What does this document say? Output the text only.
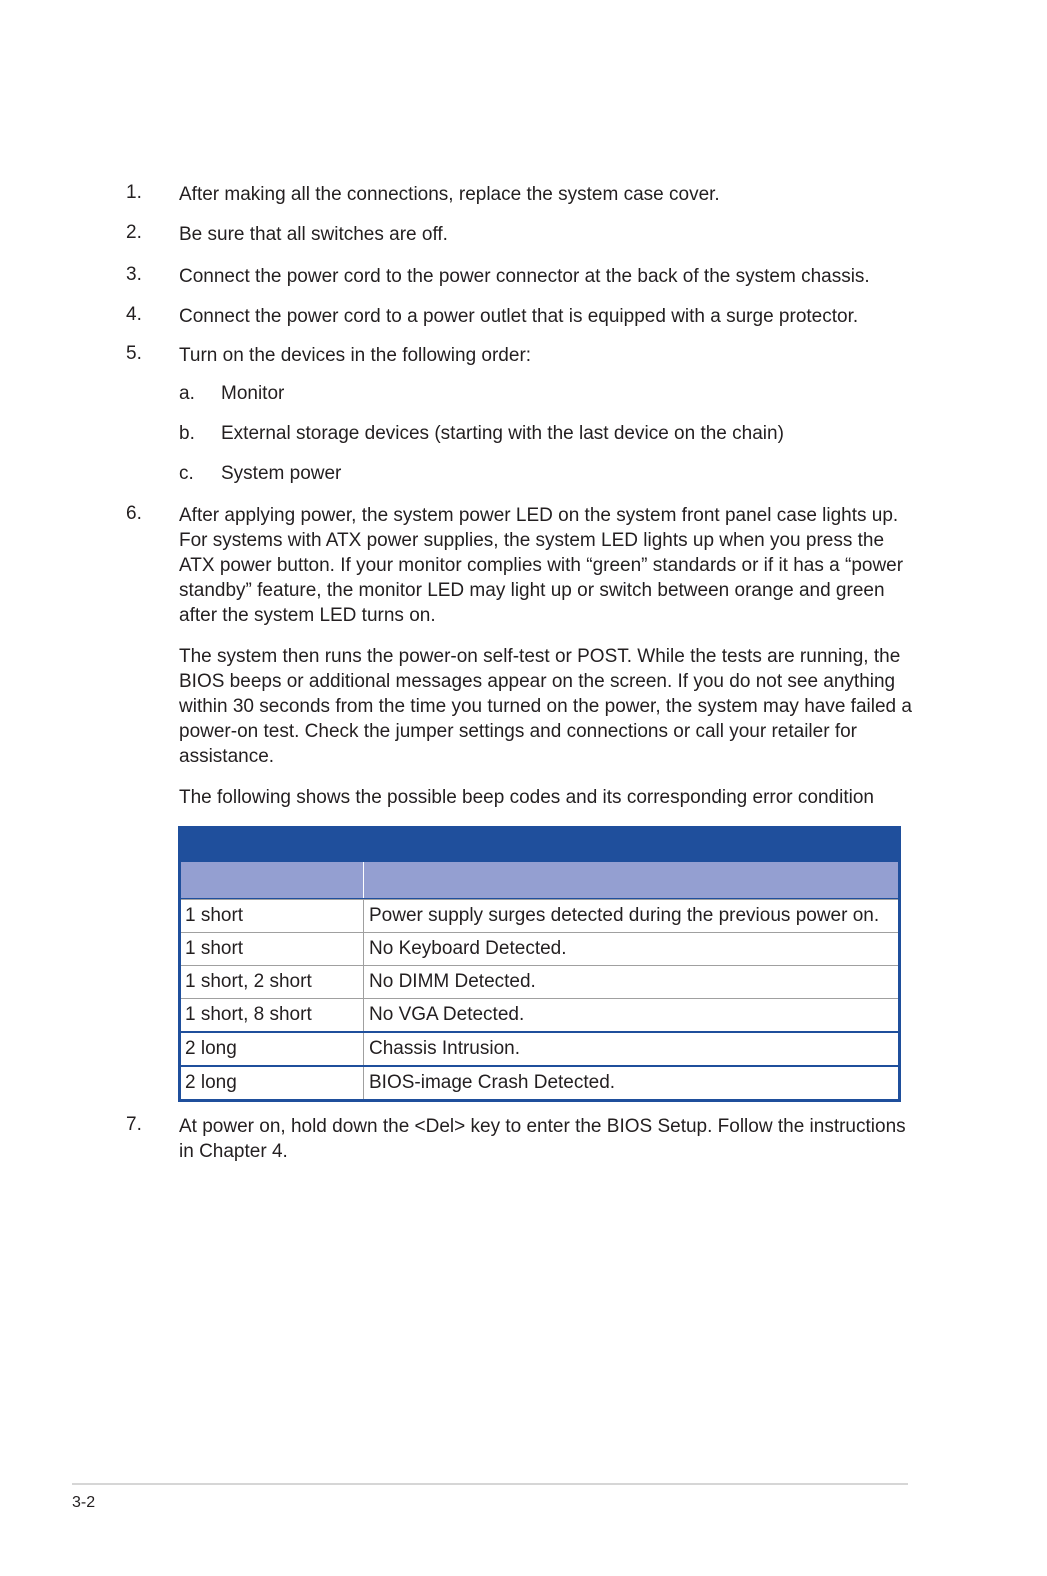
1. After making all the connections, replace the system case cover.
2. Be sure that all switches are off.
3. Connect the power cord to the power connector at the back of the system chassis.
4. Connect the power cord to a power outlet that is equipped with a surge protector.
5. Turn on the devices in the following order:
a. Monitor
b. External storage devices (starting with the last device on the chain)
c. System power
6. After applying power, the system power LED on the system front panel case lights up. For systems with ATX power supplies, the system LED lights up when you press the ATX power button. If your monitor complies with “green” standards or if it has a “power standby” feature, the monitor LED may light up or switch between orange and green after the system LED turns on.
The system then runs the power-on self-test or POST. While the tests are running, the BIOS beeps or additional messages appear on the screen. If you do not see anything within 30 seconds from the time you turned on the power, the system may have failed a power-on test. Check the jumper settings and connections or call your retailer for assistance.
The following shows the possible beep codes and its corresponding error condition
1 short	Power supply surges detected during the previous power on.
1 short	No Keyboard Detected.
1 short, 2 short	No DIMM Detected.
1 short, 8 short	No VGA Detected.
2 long	Chassis Intrusion.
2 long	BIOS-image Crash Detected.
7. At power on, hold down the <Del> key to enter the BIOS Setup. Follow the instructions in Chapter 4.
3-2
